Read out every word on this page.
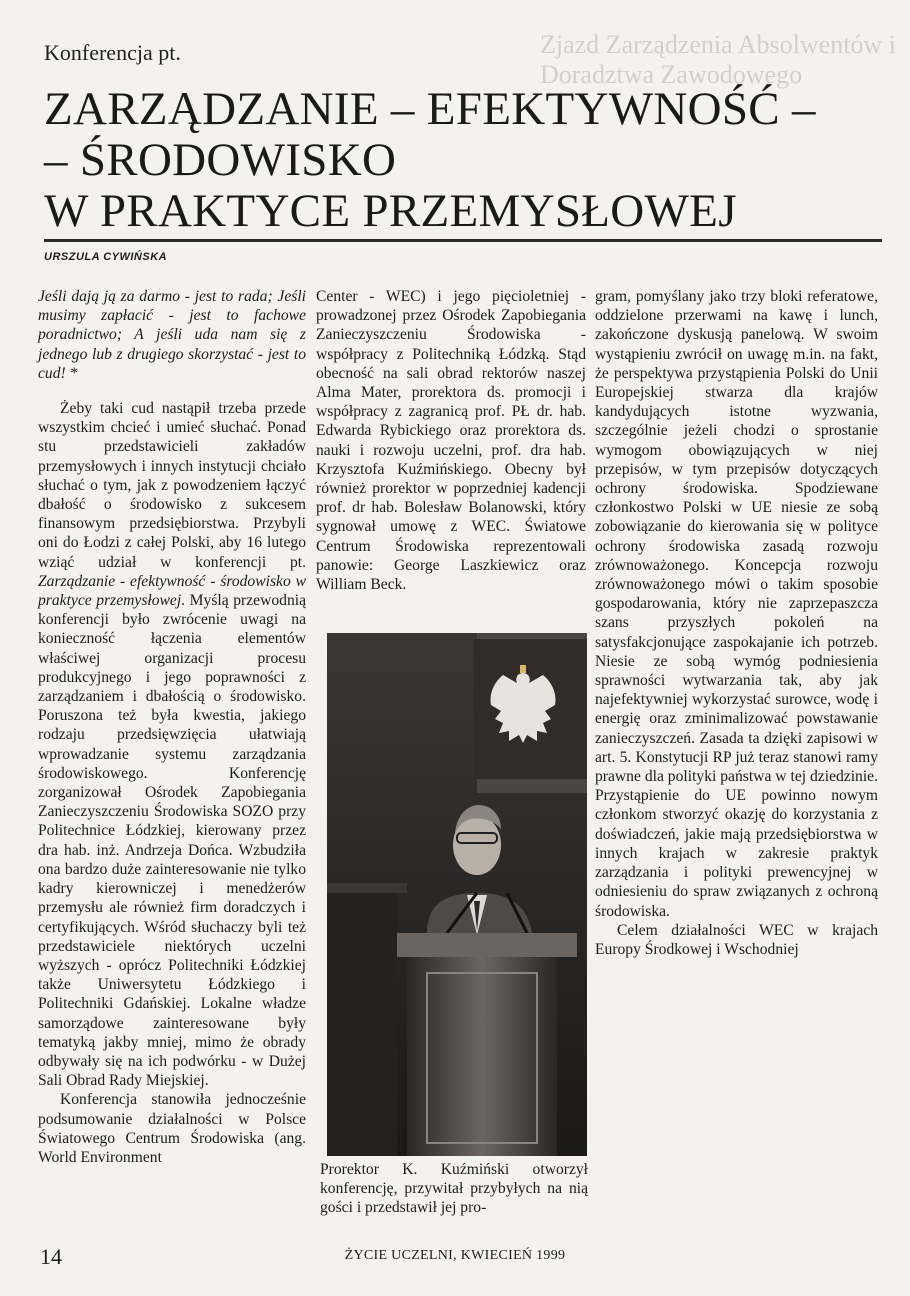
Zjazd Zarządzenia Absolwentów i Doradztwa Zawodowego
Konferencja pt.
ZARZĄDZANIE – EFEKTYWNOŚĆ –
– ŚRODOWISKO
W PRAKTYCE PRZEMYSŁOWEJ
URSZULA CYWIŃSKA

Jeśli dają ją za darmo - jest to rada; Jeśli musimy zapłacić - jest to fachowe poradnictwo; A jeśli uda nam się z jednego lub z drugiego skorzystać - jest to cud! *

Żeby taki cud nastąpił trzeba przede wszystkim chcieć i umieć słuchać. Ponad stu przedstawicieli zakładów przemysłowych i innych instytucji chciało słuchać o tym, jak z powodzeniem łączyć dbałość o środowisko z sukcesem finansowym przedsiębiorstwa. Przybyli oni do Łodzi z całej Polski, aby 16 lutego wziąć udział w konferencji pt. Zarządzanie - efektywność - środowisko w praktyce przemysłowej. Myślą przewodnią konferencji było zwrócenie uwagi na konieczność łączenia elementów właściwej organizacji procesu produkcyjnego i jego poprawności z zarządzaniem i dbałością o środowisko. Poruszona też była kwestia, jakiego rodzaju przedsięwzięcia ułatwiają wprowadzanie systemu zarządzania środowiskowego. Konferencję zorganizował Ośrodek Zapobiegania Zanieczyszczeniu Środowiska SOZO przy Politechnice Łódzkiej, kierowany przez dra hab. inż. Andrzeja Dońca. Wzbudziła ona bardzo duże zainteresowanie nie tylko kadry kierowniczej i menedżerów przemysłu ale również firm doradczych i certyfikujących. Wśród słuchaczy byli też przedstawiciele niektórych uczelni wyższych - oprócz Politechniki Łódzkiej także Uniwersytetu Łódzkiego i Politechniki Gdańskiej. Lokalne władze samorządowe zainteresowane były tematyką jakby mniej, mimo że obrady odbywały się na ich podwórku - w Dużej Sali Obrad Rady Miejskiej.

Konferencja stanowiła jednocześnie podsumowanie działalności w Polsce Światowego Centrum Środowiska (ang. World Environment

Center - WEC) i jego pięcioletniej - prowadzonej przez Ośrodek Zapobiegania Zanieczyszczeniu Środowiska - współpracy z Politechniką Łódzką. Stąd obecność na sali obrad rektorów naszej Alma Mater, prorektora ds. promocji i współpracy z zagranicą prof. PŁ dr. hab. Edwarda Rybickiego oraz prorektora ds. nauki i rozwoju uczelni, prof. dra hab. Krzysztofa Kuźmińskiego. Obecny był również prorektor w poprzedniej kadencji prof. dr hab. Bolesław Bolanowski, który sygnował umowę z WEC. Światowe Centrum Środowiska reprezentowali panowie: George Laszkiewicz oraz William Beck.

Prorektor K. Kuźmiński otworzył konferencję, przywitał przybyłych na nią gości i przedstawił jej pro-

gram, pomyślany jako trzy bloki referatowe, oddzielone przerwami na kawę i lunch, zakończone dyskusją panelową. W swoim wystąpieniu zwrócił on uwagę m.in. na fakt, że perspektywa przystąpienia Polski do Unii Europejskiej stwarza dla krajów kandydujących istotne wyzwania, szczególnie jeżeli chodzi o sprostanie wymogom obowiązujących w niej przepisów, w tym przepisów dotyczących ochrony środowiska. Spodziewane członkostwo Polski w UE niesie ze sobą zobowiązanie do kierowania się w polityce ochrony środowiska zasadą rozwoju zrównoważonego. Koncepcja rozwoju zrównoważonego mówi o takim sposobie gospodarowania, który nie zaprzepaszcza szans przyszłych pokoleń na satysfakcjonujące zaspokajanie ich potrzeb. Niesie ze sobą wymóg podniesienia sprawności wytwarzania tak, aby jak najefektywniej wykorzystać surowce, wodę i energię oraz zminimalizować powstawanie zanieczyszczeń. Zasada ta dzięki zapisowi w art. 5. Konstytucji RP już teraz stanowi ramy prawne dla polityki państwa w tej dziedzinie. Przystąpienie do UE powinno nowym członkom stworzyć okazję do korzystania z doświadczeń, jakie mają przedsiębiorstwa w innych krajach w zakresie praktyk zarządzania i polityki prewencyjnej w odniesieniu do spraw związanych z ochroną środowiska.

Celem działalności WEC w krajach Europy Środkowej i Wschodniej

14	ŻYCIE UCZELNI, KWIECIEŃ 1999
